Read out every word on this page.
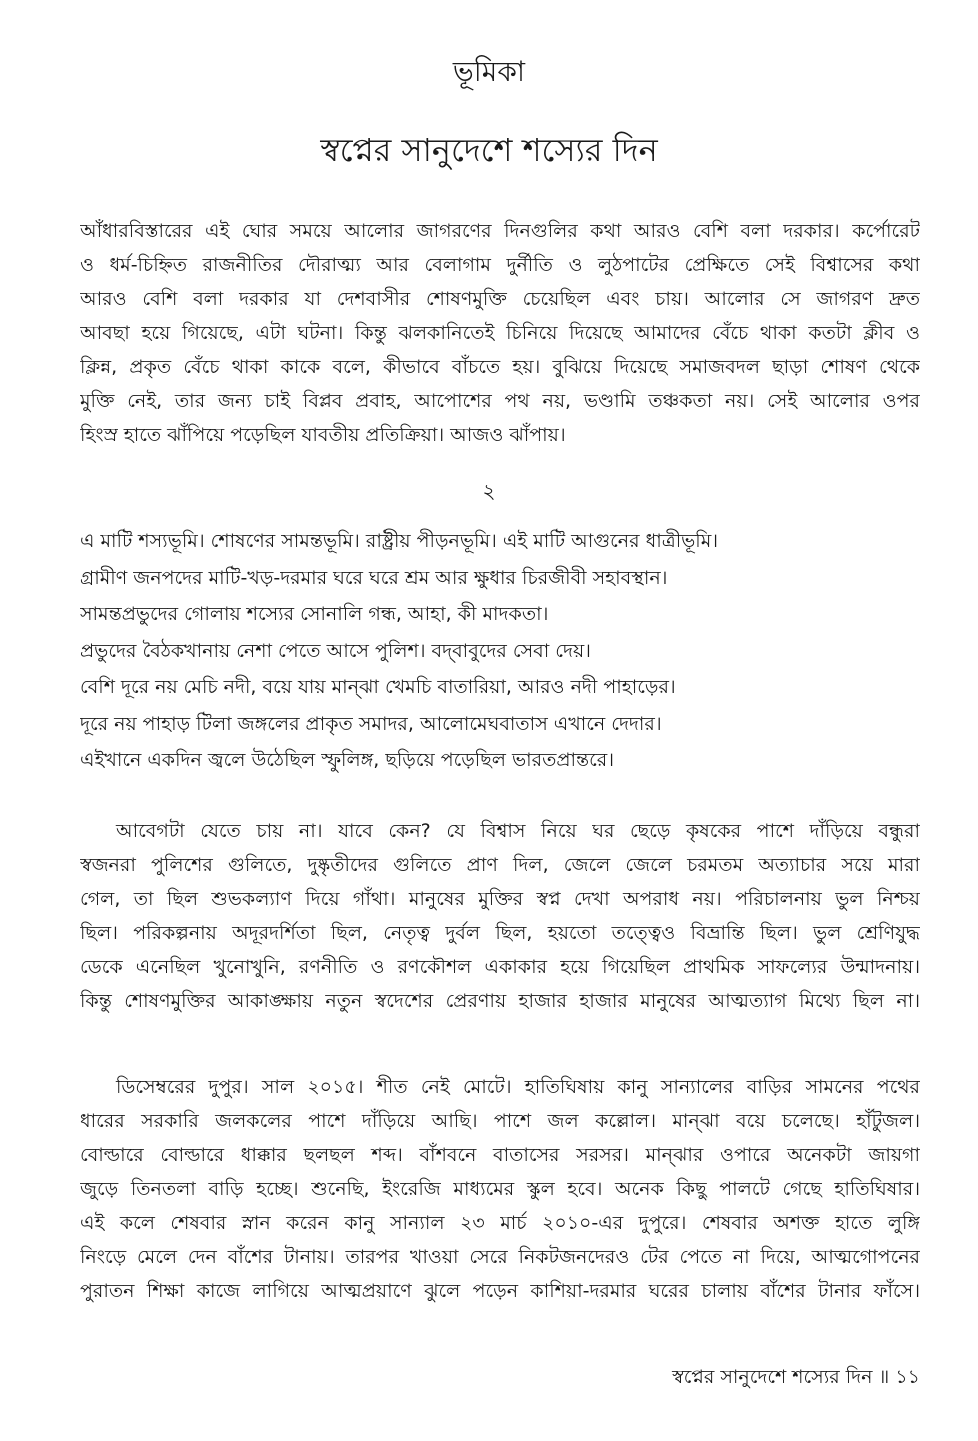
ভূমিকা
স্বপ্নের সানুদেশে শস্যের দিন
আঁধারবিস্তারের এই ঘোর সময়ে আলোর জাগরণের দিনগুলির কথা আরও বেশি বলা দরকার। কর্পোরেট
ও ধর্ম-চিহ্নিত রাজনীতির দৌরাত্ম্য আর বেলাগাম দুর্নীতি ও লুঠপাটের প্রেক্ষিতে সেই বিশ্বাসের কথা
আরও বেশি বলা দরকার যা দেশবাসীর শোষণমুক্তি চেয়েছিল এবং চায়। আলোর সে জাগরণ দ্রুত
আবছা হয়ে গিয়েছে, এটা ঘটনা। কিন্তু ঝলকানিতেই চিনিয়ে দিয়েছে আমাদের বেঁচে থাকা কতটা ক্লীব ও
ক্লিন্ন, প্রকৃত বেঁচে থাকা কাকে বলে, কীভাবে বাঁচতে হয়। বুঝিয়ে দিয়েছে সমাজবদল ছাড়া শোষণ থেকে
মুক্তি নেই, তার জন্য চাই বিপ্লব প্রবাহ, আপোশের পথ নয়, ভণ্ডামি তঞ্চকতা নয়। সেই আলোর ওপর
হিংস্র হাতে ঝাঁপিয়ে পড়েছিল যাবতীয় প্রতিক্রিয়া। আজও ঝাঁপায়।
২
এ মাটি শস্যভূমি। শোষণের সামন্তভূমি। রাষ্ট্রীয় পীড়নভূমি। এই মাটি আগুনের ধাত্রীভূমি।
গ্রামীণ জনপদের মাটি-খড়-দরমার ঘরে ঘরে শ্রম আর ক্ষুধার চিরজীবী সহাবস্থান।
সামন্তপ্রভুদের গোলায় শস্যের সোনালি গন্ধ, আহা, কী মাদকতা।
প্রভুদের বৈঠকখানায় নেশা পেতে আসে পুলিশ। বদ্‌বাবুদের সেবা দেয়।
বেশি দূরে নয় মেচি নদী, বয়ে যায় মান্‌ঝা খেমচি বাতারিয়া, আরও নদী পাহাড়ের।
দূরে নয় পাহাড় টিলা জঙ্গলের প্রাকৃত সমাদর, আলোমেঘবাতাস এখানে দেদার।
এইখানে একদিন জ্বলে উঠেছিল স্ফুলিঙ্গ, ছড়িয়ে পড়েছিল ভারতপ্রান্তরে।
আবেগটা যেতে চায় না। যাবে কেন? যে বিশ্বাস নিয়ে ঘর ছেড়ে কৃষকের পাশে দাঁড়িয়ে বন্ধুরা
স্বজনরা পুলিশের গুলিতে, দুষ্কৃতীদের গুলিতে প্রাণ দিল, জেলে জেলে চরমতম অত্যাচার সয়ে মারা
গেল, তা ছিল শুভকল্যাণ দিয়ে গাঁথা। মানুষের মুক্তির স্বপ্ন দেখা অপরাধ নয়। পরিচালনায় ভুল নিশ্চয়
ছিল। পরিকল্পনায় অদূরদর্শিতা ছিল, নেতৃত্ব দুর্বল ছিল, হয়তো তত্ত্বেও বিভ্রান্তি ছিল। ভুল শ্রেণিযুদ্ধ
ডেকে এনেছিল খুনোখুনি, রণনীতি ও রণকৌশল একাকার হয়ে গিয়েছিল প্রাথমিক সাফল্যের উন্মাদনায়।
কিন্তু শোষণমুক্তির আকাঙ্ক্ষায় নতুন স্বদেশের প্রেরণায় হাজার হাজার মানুষের আত্মত্যাগ মিথ্যে ছিল না।
ডিসেম্বরের দুপুর। সাল ২০১৫। শীত নেই মোটে। হাতিঘিষায় কানু সান্যালের বাড়ির সামনের পথের
ধারের সরকারি জলকলের পাশে দাঁড়িয়ে আছি। পাশে জল কল্লোল। মান্‌ঝা বয়ে চলেছে। হাঁটুজল।
বোল্ডারে বোল্ডারে ধাক্কার ছলছল শব্দ। বাঁশবনে বাতাসের সরসর। মান্‌ঝার ওপারে অনেকটা জায়গা
জুড়ে তিনতলা বাড়ি হচ্ছে। শুনেছি, ইংরেজি মাধ্যমের স্কুল হবে। অনেক কিছু পালটে গেছে হাতিঘিষার।
এই কলে শেষবার স্নান করেন কানু সান্যাল ২৩ মার্চ ২০১০-এর দুপুরে। শেষবার অশক্ত হাতে লুঙ্গি
নিংড়ে মেলে দেন বাঁশের টানায়। তারপর খাওয়া সেরে নিকটজনদেরও টের পেতে না দিয়ে, আত্মগোপনের
পুরাতন শিক্ষা কাজে লাগিয়ে আত্মপ্রয়াণে ঝুলে পড়েন কাশিয়া-দরমার ঘরের চালায় বাঁশের টানার ফাঁসে।
স্বপ্নের সানুদেশে শস্যের দিন ॥ ১১
